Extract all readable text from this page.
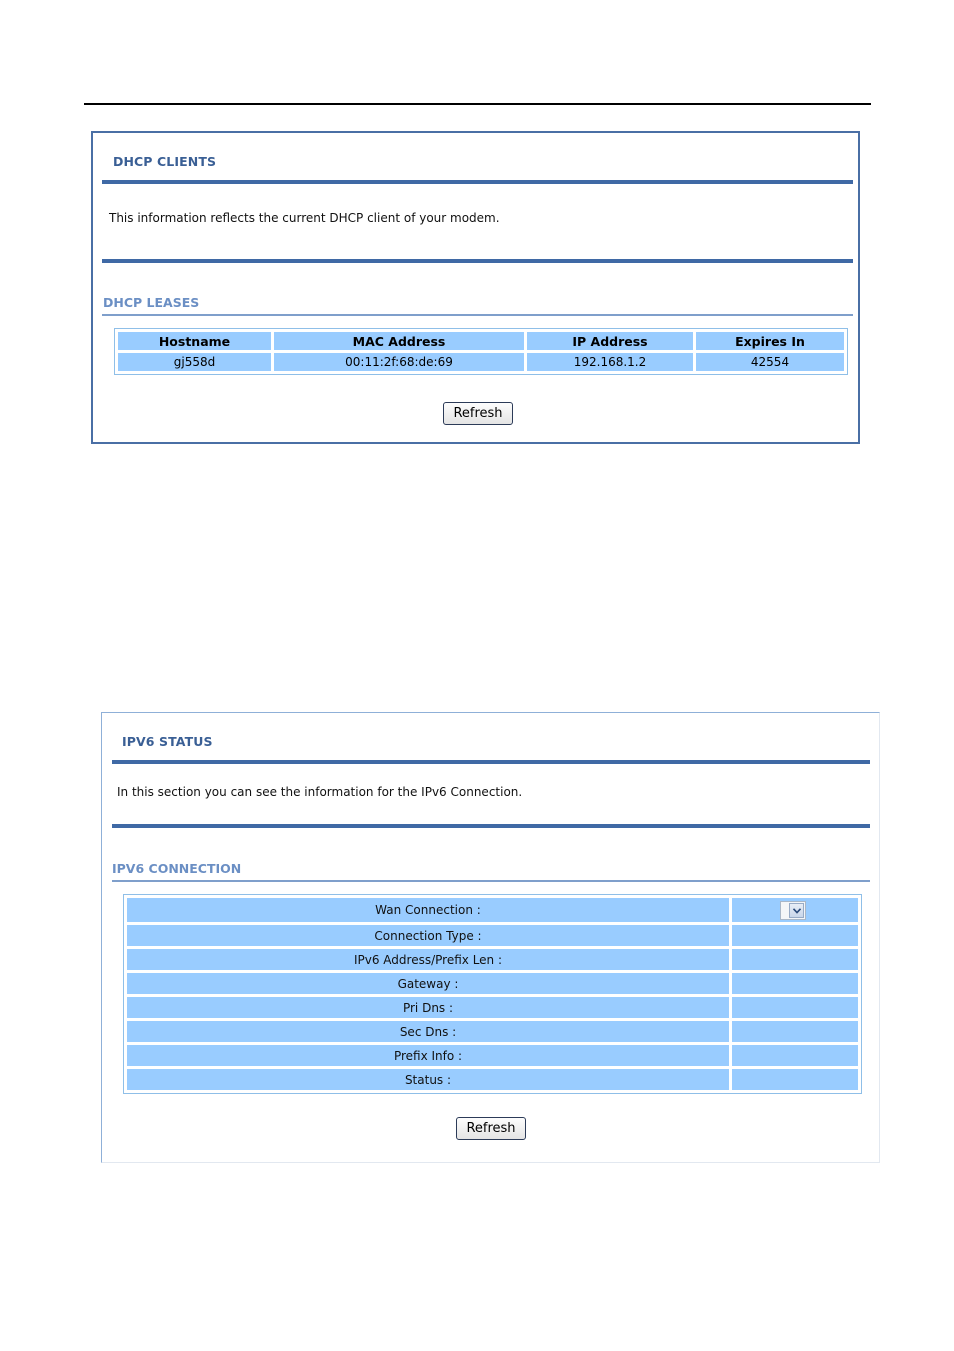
DHCP CLIENTS
This information reflects the current DHCP client of your modem.
DHCP LEASES
Hostname	MAC Address	IP Address	Expires In
gj558d	00:11:2f:68:de:69	192.168.1.2	42554
Refresh
IPV6 STATUS
In this section you can see the information for the IPv6 Connection.
IPV6 CONNECTION
Wan Connection :	

Connection Type :	
IPv6 Address/Prefix Len :	
Gateway :	
Pri Dns :	
Sec Dns :	
Prefix Info :	
Status :	
Refresh
